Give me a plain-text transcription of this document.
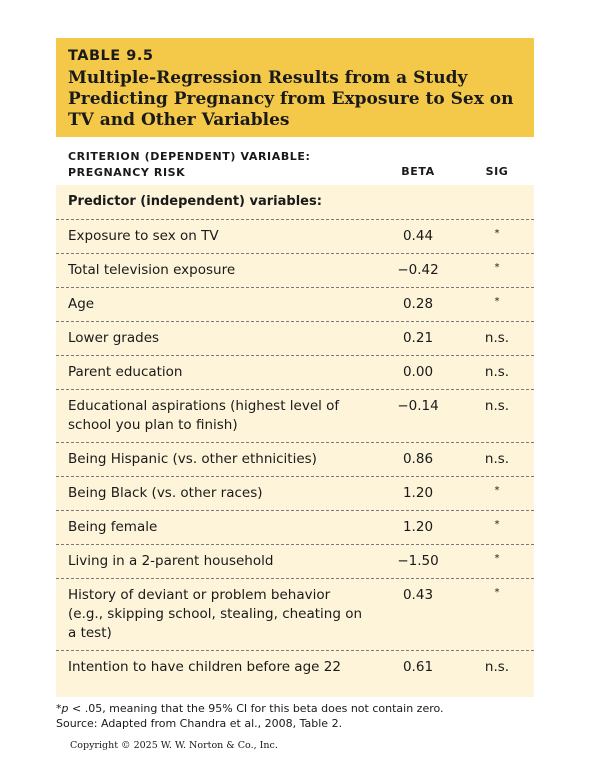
TABLE 9.5
Multiple-Regression Results from a Study Predicting Pregnancy from Exposure to Sex on TV and Other Variables
CRITERION (DEPENDENT) VARIABLE:
PREGNANCY RISK	BETA	SIG
Predictor (independent) variables:
Exposure to sex on TV	0.44	*
Total television exposure	−0.42	*
Age	0.28	*
Lower grades	0.21	n.s.
Parent education	0.00	n.s.
Educational aspirations (highest level of school you plan to finish)
−0.14	n.s.
Being Hispanic (vs. other ethnicities)	0.86	n.s.
Being Black (vs. other races)	1.20	*
Being female	1.20	*
Living in a 2-parent household	−1.50	*
History of deviant or problem behavior (e.g., skipping school, stealing, cheating on a test)
0.43	*
Intention to have children before age 22	0.61	n.s.
*p < .05, meaning that the 95% CI for this beta does not contain zero.
Source: Adapted from Chandra et al., 2008, Table 2.
Copyright © 2025 W. W. Norton & Co., Inc.
